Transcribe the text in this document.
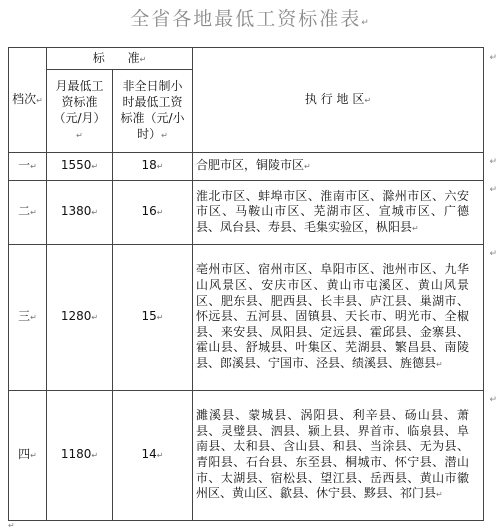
全省各地最低工资标准表↵
档次↵	标      准↵		执 行 地 区↵
↵

	月最低工资标准（元/月）↵	非全日制小时最低工资标准（元/小时）↵	
一↵	1550↵	18↵	合肥市区，铜陵市区↵ ↵

二↵	1380↵	16↵	淮北市区、蚌埠市区、淮南市区、滁州市区、六安市区、马鞍山市区、芜湖市区、宣城市区、广德县、凤台县、寿县、毛集实验区，枞阳县↵
↵

三↵	1280↵	15↵	亳州市区、宿州市区、阜阳市区、池州市区、九华山风景区、安庆市区、黄山市屯溪区、黄山风景区、肥东县、肥西县、长丰县、庐江县、巢湖市、怀远县、五河县、固镇县、天长市、明光市、全椒县、来安县、凤阳县、定远县、霍邱县、金寨县、霍山县、舒城县、叶集区、芜湖县、繁昌县、南陵县、郎溪县、宁国市、泾县、绩溪县、旌德县↵
↵

四↵	1180↵	14↵	濉溪县、蒙城县、涡阳县、利辛县、砀山县、萧县、灵璧县、泗县、颍上县、界首市、临泉县、阜南县、太和县、含山县、和县、当涂县、无为县、青阳县、石台县、东至县、桐城市、怀宁县、潜山市、太湖县、宿松县、望江县、岳西县、黄山市徽州区、黄山区、歙县、休宁县、黟县、祁门县↵
↵
↵
